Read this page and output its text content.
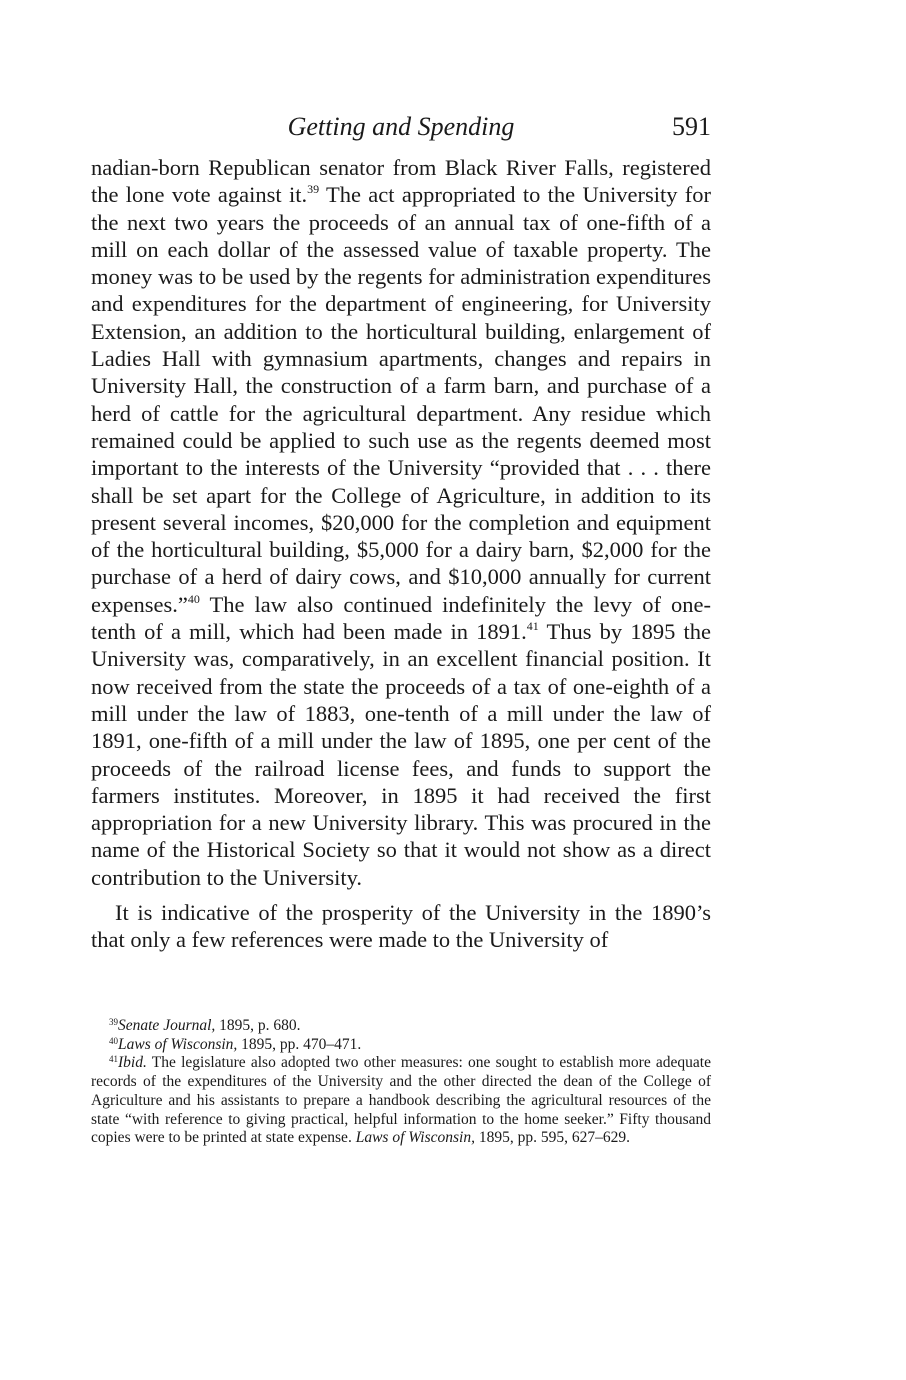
Getting and Spending	591

nadian-born Republican senator from Black River Falls, registered the lone vote against it.$^{39}$ The act appropriated to the University for the next two years the proceeds of an annual tax of one-fifth of a mill on each dollar of the assessed value of taxable property. The money was to be used by the regents for administration expenditures and expenditures for the department of engineering, for University Extension, an addition to the horticultural building, enlargement of Ladies Hall with gymnasium apartments, changes and repairs in University Hall, the construction of a farm barn, and purchase of a herd of cattle for the agricultural department. Any residue which remained could be applied to such use as the regents deemed most important to the interests of the University “provided that . . . there shall be set apart for the College of Agriculture, in addition to its present several incomes, $20,000 for the completion and equipment of the horticultural building, $5,000 for a dairy barn, $2,000 for the purchase of a herd of dairy cows, and $10,000 annually for current expenses.”$^{40}$ The law also continued indefinitely the levy of one-tenth of a mill, which had been made in 1891.41 Thus by 1895 the University was, comparatively, in an excellent financial position. It now received from the state the proceeds of a tax of one-eighth of a mill under the law of 1883, one-tenth of a mill under the law of 1891, one-fifth of a mill under the law of 1895, one per cent of the proceeds of the railroad license fees, and funds to support the farmers institutes. Moreover, in 1895 it had received the first appropriation for a new University library. This was procured in the name of the Historical Society so that it would not show as a direct contribution to the University.

It is indicative of the prosperity of the University in the 1890’s that only a few references were made to the University of

$^{39}$Senate Journal, 1895, p. 680.

$^{40}$Laws of Wisconsin, 1895, pp. 470–471.

$^{41}$Ibid. The legislature also adopted two other measures: one sought to establish more adequate records of the expenditures of the University and the other directed the dean of the College of Agriculture and his assistants to prepare a handbook describing the agricultural resources of the state “with reference to giving practical, helpful information to the home seeker.” Fifty thousand copies were to be printed at state expense. Laws of Wisconsin, 1895, pp. 595, 627–629.
